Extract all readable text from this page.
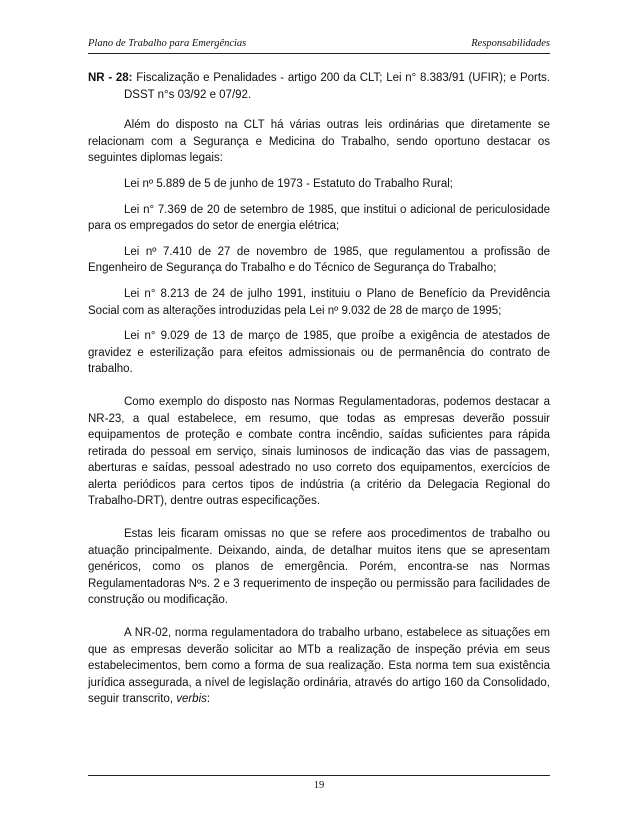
Plano de Trabalho para Emergências	Responsabilidades
NR - 28: Fiscalização e Penalidades - artigo 200 da CLT; Lei n° 8.383/91 (UFIR); e Ports. DSST n°s 03/92 e 07/92.

Além do disposto na CLT há várias outras leis ordinárias que diretamente se relacionam com a Segurança e Medicina do Trabalho, sendo oportuno destacar os seguintes diplomas legais:

Lei nº 5.889 de 5 de junho de 1973 - Estatuto do Trabalho Rural;

Lei n° 7.369 de 20 de setembro de 1985, que institui o adicional de periculosidade para os empregados do setor de energia elétrica;

Lei nº 7.410 de 27 de novembro de 1985, que regulamentou a profissão de Engenheiro de Segurança do Trabalho e do Técnico de Segurança do Trabalho;

Lei n° 8.213 de 24 de julho 1991, instituiu o Plano de Benefício da Previdência Social com as alterações introduzidas pela Lei nº 9.032 de 28 de março de 1995;

Lei n° 9.029 de 13 de março de 1985, que proíbe a exigência de atestados de gravidez e esterilização para efeitos admissionais ou de permanência do contrato de trabalho.

Como exemplo do disposto nas Normas Regulamentadoras, podemos destacar a NR-23, a qual estabelece, em resumo, que todas as empresas deverão possuir equipamentos de proteção e combate contra incêndio, saídas suficientes para rápida retirada do pessoal em serviço, sinais luminosos de indicação das vias de passagem, aberturas e saídas, pessoal adestrado no uso correto dos equipamentos, exercícios de alerta periódicos para certos tipos de indústria (a critério da Delegacia Regional do Trabalho-DRT), dentre outras especificações.

Estas leis ficaram omissas no que se refere aos procedimentos de trabalho ou atuação principalmente. Deixando, ainda, de detalhar muitos itens que se apresentam genéricos, como os planos de emergência. Porém, encontra-se nas Normas Regulamentadoras Nºs. 2 e 3 requerimento de inspeção ou permissão para facilidades de construção ou modificação.

A NR-02, norma regulamentadora do trabalho urbano, estabelece as situações em que as empresas deverão solicitar ao MTb a realização de inspeção prévia em seus estabelecimentos, bem como a forma de sua realização. Esta norma tem sua existência jurídica assegurada, a nível de legislação ordinária, através do artigo 160 da Consolidado, seguir transcrito, verbis:

19
